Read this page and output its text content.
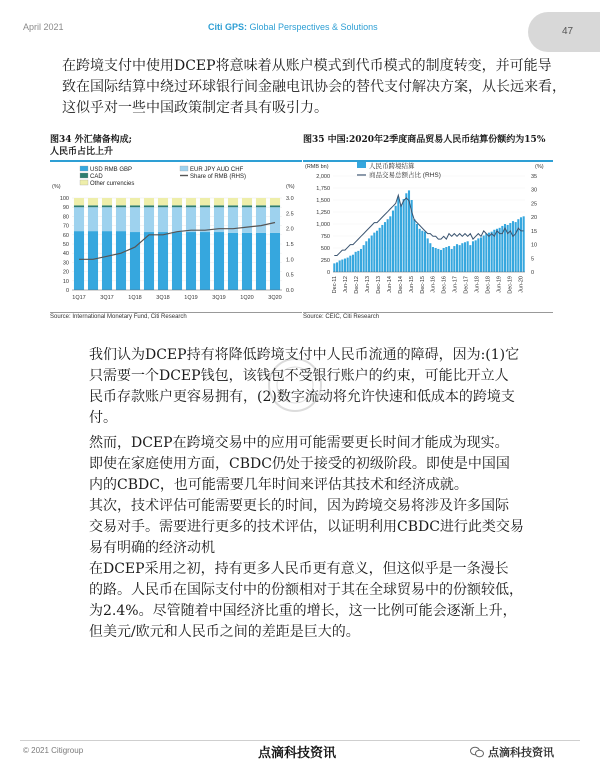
April 2021	Citi GPS: Global Perspectives & Solutions	47
在跨境支付中使用DCEP将意味着从账户模式到代币模式的制度转变，并可能导
致在国际结算中绕过环球银行间金融电讯协会的替代支付解决方案，从长远来看，
这似乎对一些中国政策制定者具有吸引力。
图34 外汇储备构成;
人民币占比上升
USD RMB GBP	EUR JPY AUD CHF
CAD	Share of RMB (RHS)
Other currencies
(%)	(%)
0
10
20
30
40
50
60
70
80
90
100
0.0
0.5
1.0
1.5
2.0
2.5
3.0
1Q17	3Q17	1Q18	3Q18	1Q19	3Q19	1Q20	3Q20
Source: International Monetary Fund, Citi Research
图35 中国:2020年2季度商品贸易人民币结算份额约为15%
(RMB bn)	(%)
人民币跨境结算
商品交易总额占比 (RHS)
0
250
500
750
1,000
1,250
1,500
1,750
2,000
0
5
10
15
20
25
30
35
Dec-11 Jun-12 Dec-12 Jun-13 Dec-13 Jun-14 Dec-14 Jun-15 Dec-15 Jun-16 Dec-16 Jun-17 Dec-17 Jun-18 Dec-18 Jun-19 Dec-19 Jun-20
Source: CEIC, Citi Research
我们认为DCEP持有将降低跨境支付中人民币流通的障碍，因为:(1)它
只需要一个DCEP钱包，该钱包不受银行账户的约束，可能比开立人
民币存款账户更容易拥有，(2)数字流动将允许快速和低成本的跨境支
付。
然而，DCEP在跨境交易中的应用可能需要更长时间才能成为现实。
即使在家庭使用方面，CBDC仍处于接受的初级阶段。即使是中国国
内的CBDC，也可能需要几年时间来评估其技术和经济成就。
其次，技术评估可能需要更长的时间，因为跨境交易将涉及许多国际
交易对手。需要进行更多的技术评估，以证明利用CBDC进行此类交易
易有明确的经济动机
在DCEP采用之初，持有更多人民币更有意义，但这似乎是一条漫长
的路。人民币在国际支付中的份额相对于其在全球贸易中的份额较低，
为2.4%。尽管随着中国经济比重的增长，这一比例可能会逐渐上升，
但美元/欧元和人民币之间的差距是巨大的。
© 2021 Citigroup	点滴科技资讯	点滴科技资讯
